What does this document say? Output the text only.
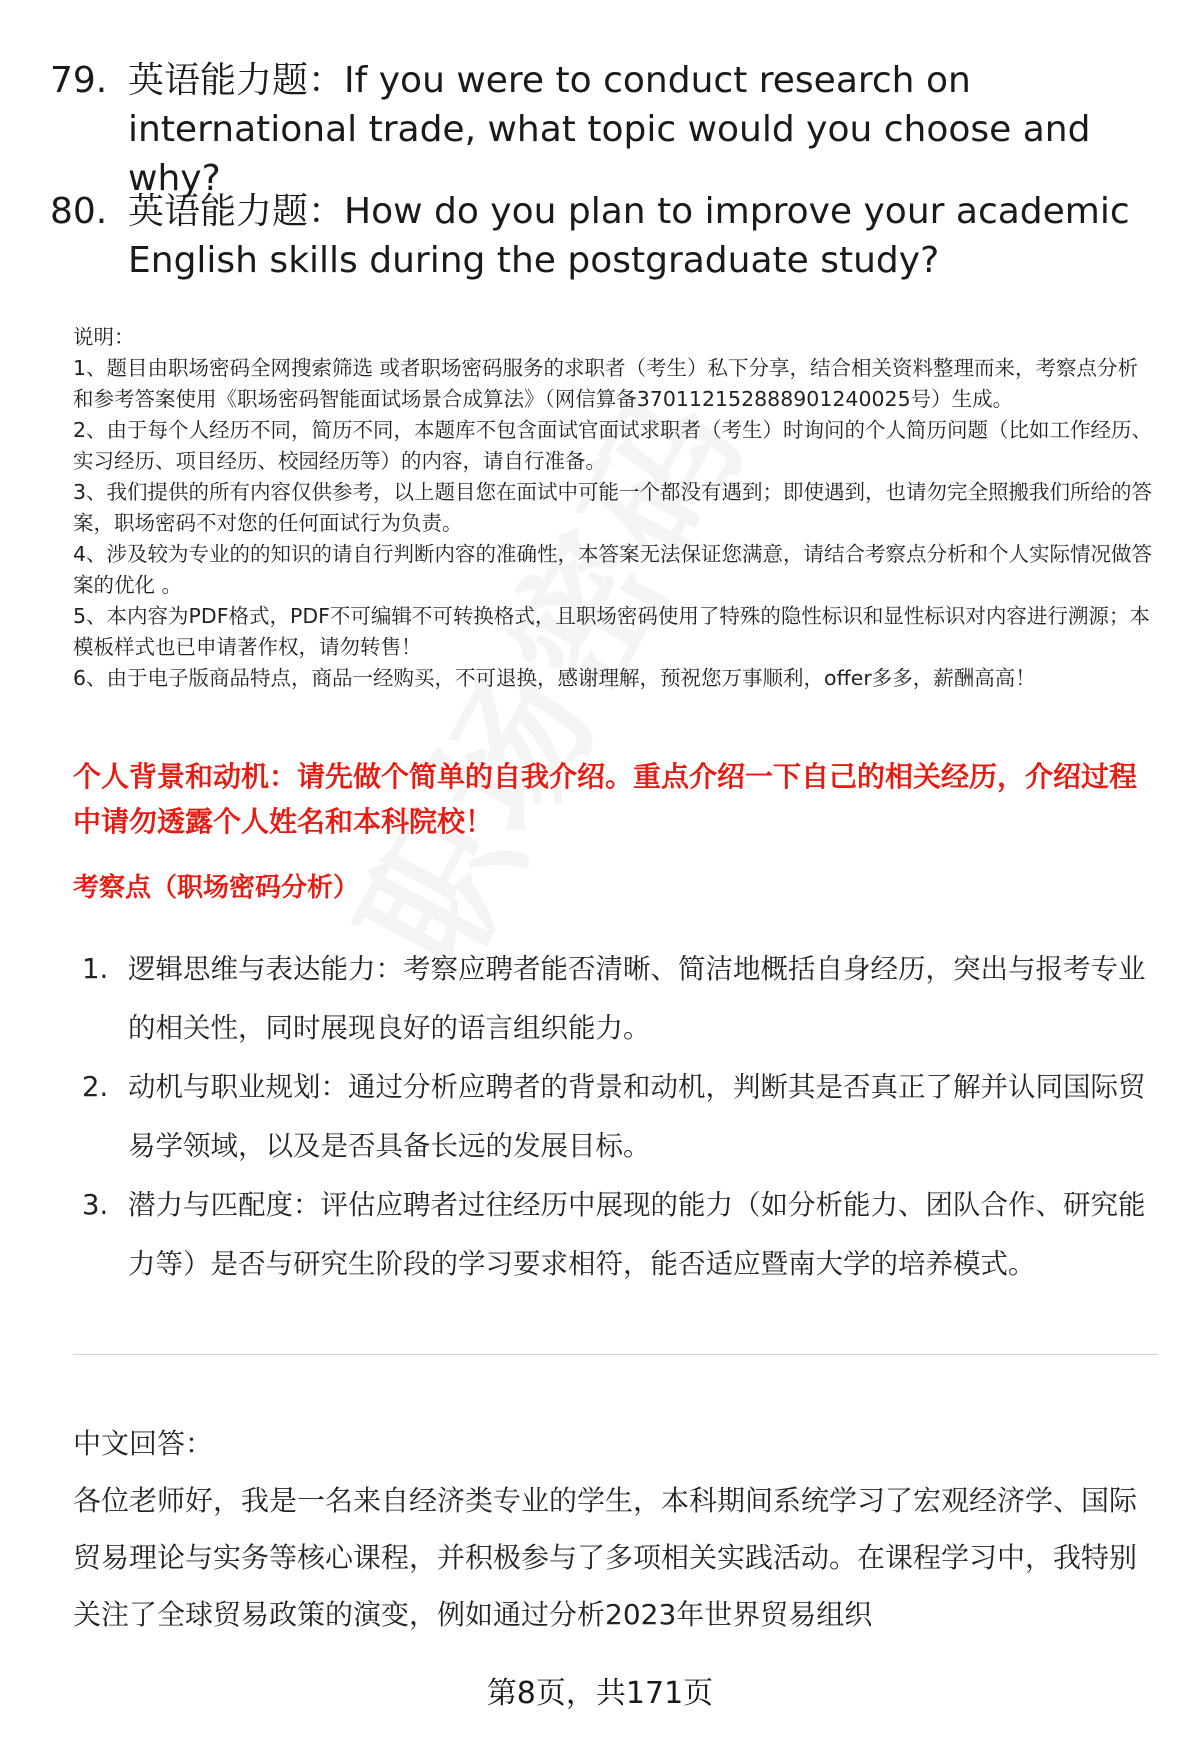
79. 英语能力题：If you were to conduct research on international trade, what topic would you choose and why?
80. 英语能力题：How do you plan to improve your academic English skills during the postgraduate study?

说明：

1、题目由职场密码全网搜索筛选 或者职场密码服务的求职者（考生）私下分享，结合相关资料整理而来，考察点分析和参考答案使用《职场密码智能面试场景合成算法》（网信算备370112152888901240025号）生成。

2、由于每个人经历不同，简历不同，本题库不包含面试官面试求职者（考生）时询问的个人简历问题（比如工作经历、实习经历、项目经历、校园经历等）的内容，请自行准备。

3、我们提供的所有内容仅供参考，以上题目您在面试中可能一个都没有遇到；即使遇到，也请勿完全照搬我们所给的答案，职场密码不对您的任何面试行为负责。

4、涉及较为专业的的知识的请自行判断内容的准确性，本答案无法保证您满意，请结合考察点分析和个人实际情况做答案的优化 。

5、本内容为PDF格式，PDF不可编辑不可转换格式，且职场密码使用了特殊的隐性标识和显性标识对内容进行溯源；本模板样式也已申请著作权，请勿转售！

6、由于电子版商品特点，商品一经购买，不可退换，感谢理解，预祝您万事顺利，offer多多，薪酬高高！

个人背景和动机：请先做个简单的自我介绍。重点介绍一下自己的相关经历，介绍过程中请勿透露个人姓名和本科院校！
考察点（职场密码分析）
1. 逻辑思维与表达能力：考察应聘者能否清晰、简洁地概括自身经历，突出与报考专业的相关性，同时展现良好的语言组织能力。
2. 动机与职业规划：通过分析应聘者的背景和动机，判断其是否真正了解并认同国际贸易学领域，以及是否具备长远的发展目标。
3. 潜力与匹配度：评估应聘者过往经历中展现的能力（如分析能力、团队合作、研究能力等）是否与研究生阶段的学习要求相符，能否适应暨南大学的培养模式。

中文回答：

各位老师好，我是一名来自经济类专业的学生，本科期间系统学习了宏观经济学、国际贸易理论与实务等核心课程，并积极参与了多项相关实践活动。在课程学习中，我特别关注了全球贸易政策的演变，例如通过分析2023年世界贸易组织

第8页，共171页
